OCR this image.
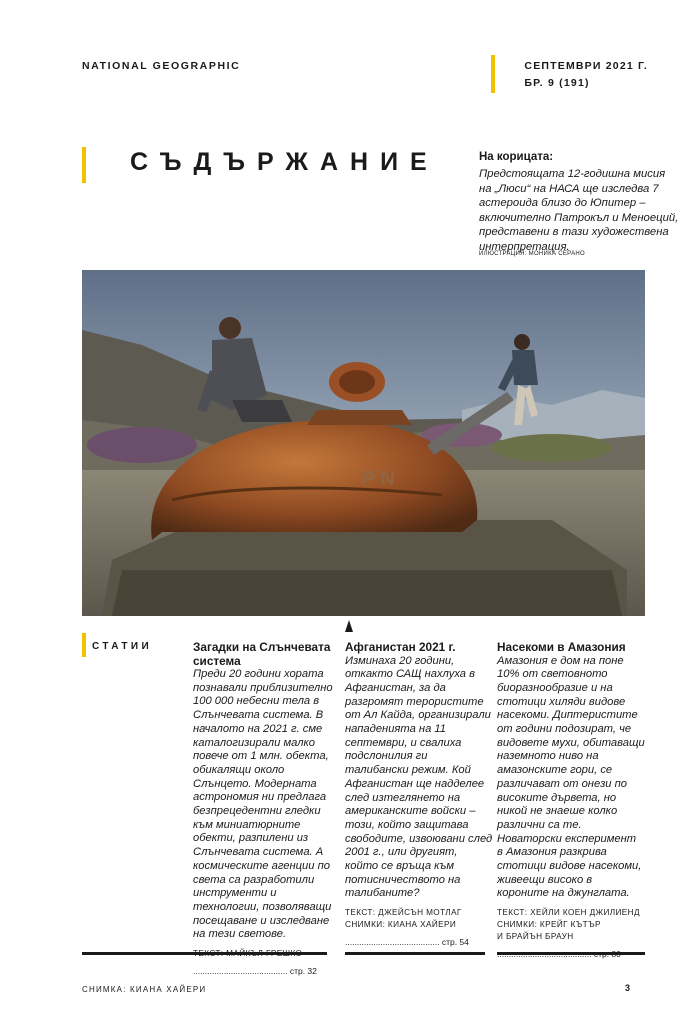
NATIONAL GEOGRAPHIC	СЕПТЕМВРИ 2021 Г.
БР. 9 (191)
СЪДЪРЖАНИЕ	На корицата:
Предстоящата 12-годишна мисия на „Люси“ на НАСА ще изследва 7 астероида близо до Юпитер – включително Патрокъл и Меноеций, представени в тази художествена интерпретация.
ИЛЮСТРАЦИЯ: МОНИКА СЕРАНО
P N
СТАТИИ	Загадки на Слънчевата система

Преди 20 години хората познавали приблизително 100 000 небесни тела в Слънчевата система. В началото на 2021 г. сме каталогизирали малко повече от 1 млн. обекта, обикалящи около Слънцето. Модерната астрономия ни предлага безпрецедентни гледки към миниатюрните обекти, разпилени из Слънчевата система. А космическите агенции по света са разработили инструменти и технологии, позволяващи посещаване и изследване на тези светове.

........................................ стр. 32
Афганистан 2021 г.

Изминаха 20 години, откакто САЩ нахлуха в Афганистан, за да разгромят терористите от Ал Кайда, организирали нападенията на 11 септември, и свалиха подслонилия ги талибански режим. Кой Афганистан ще надделее след изтеглянето на американските войски – този, който защитава свободите, извоювани след 2001 г., или другият, който се връща към потисничеството на талибаните?

ТЕКСТ: ДЖЕЙСЪН МОТЛАГ
СНИМКИ: КИАНА ХАЙЕРИ
........................................ стр. 54
Насекоми в Амазония

Амазония е дом на поне 10% от световното биоразнообразие и на стотици хиляди видове насекоми. Диптеристите от години подозират, че видовете мухи, обитаващи наземното ниво на амазонските гори, се различават от онези по високите дървета, но никой не знаеше колко различни са те. Новаторски експеримент в Амазония разкрива стотици видове насекоми, живеещи високо в короните на джунглата.

ТЕКСТ: ХЕЙЛИ КОЕН ДЖИЛИЕНД
СНИМКИ: КРЕЙГ КЪТЪР
И БРАЙЪН БРАУН
СНИМКА: КИАНА ХАЙЕРИ	3
